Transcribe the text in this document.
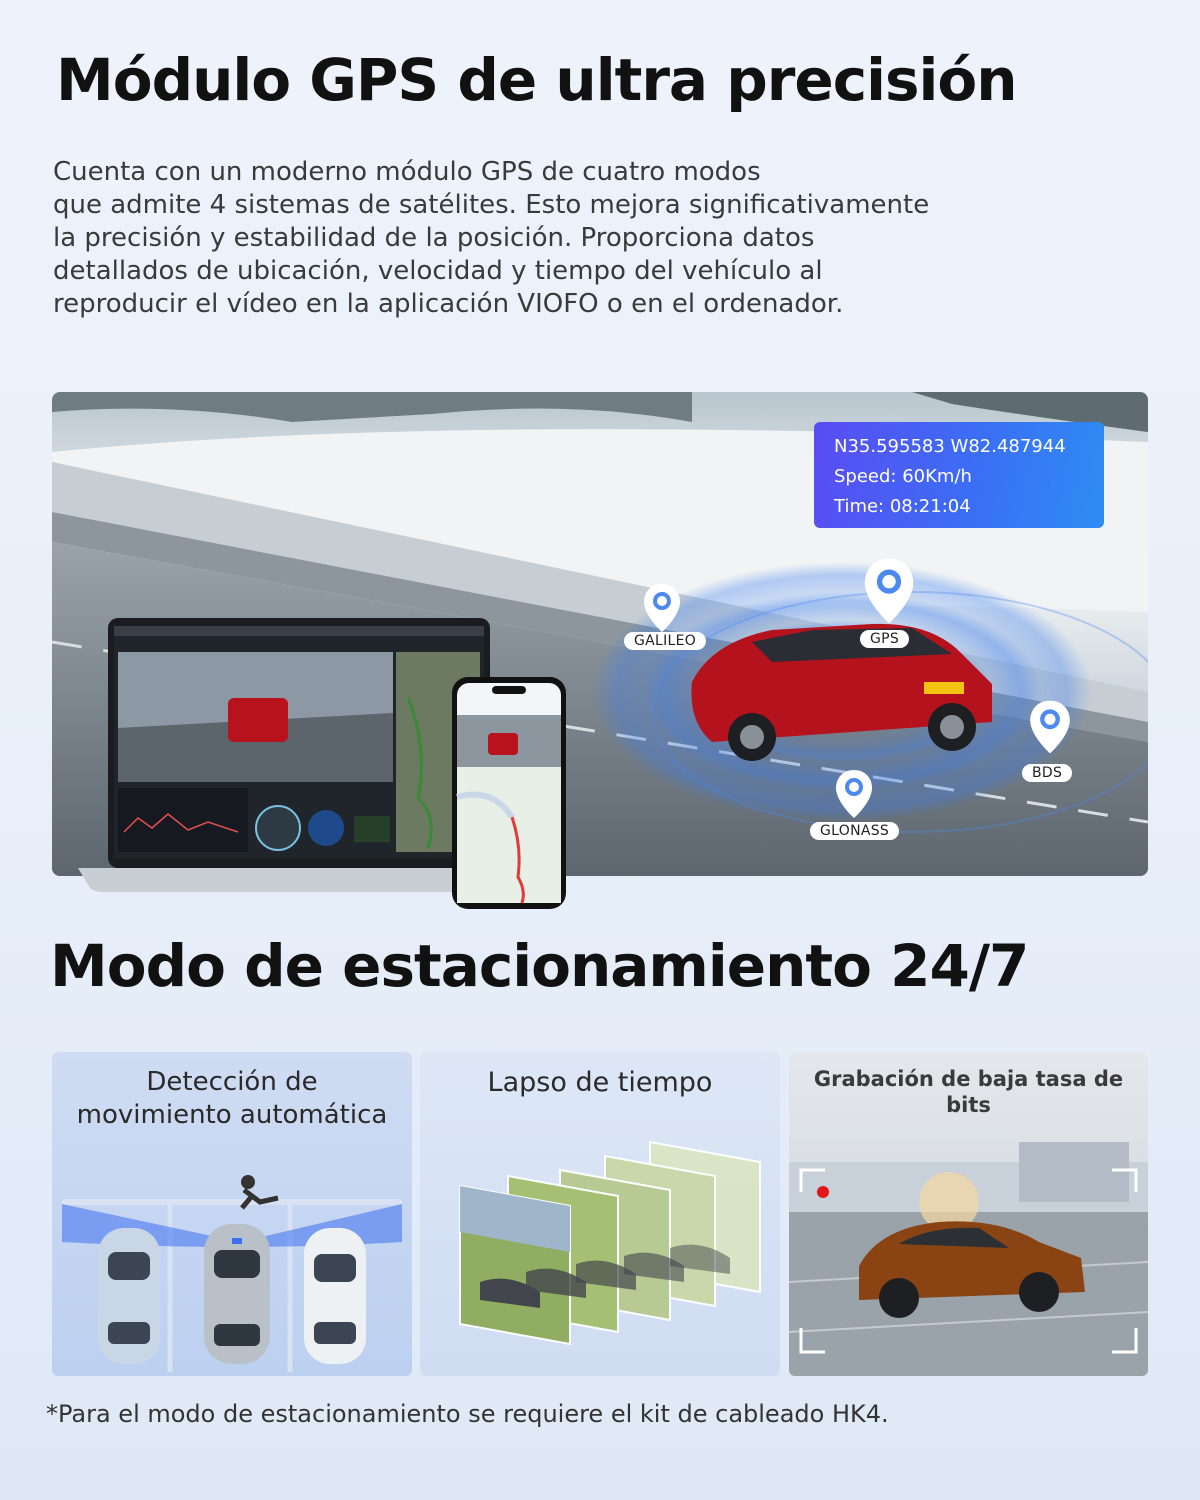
Módulo GPS de ultra precisión

Cuenta con un moderno módulo GPS de cuatro modos
que admite 4 sistemas de satélites. Esto mejora significativamente
la precisión y estabilidad de la posición. Proporciona datos
detallados de ubicación, velocidad y tiempo del vehículo al
reproducir el vídeo en la aplicación VIOFO o en el ordenador.

N35.595583 W82.487944
Speed: 60Km/h
Time: 08:21:04
GALILEO	GPS
BDS
GLONASS
Modo de estacionamiento 24/7
Detección de
movimiento automática
Lapso de tiempo	Grabación de baja tasa de
bits

*Para el modo de estacionamiento se requiere el kit de cableado HK4.
